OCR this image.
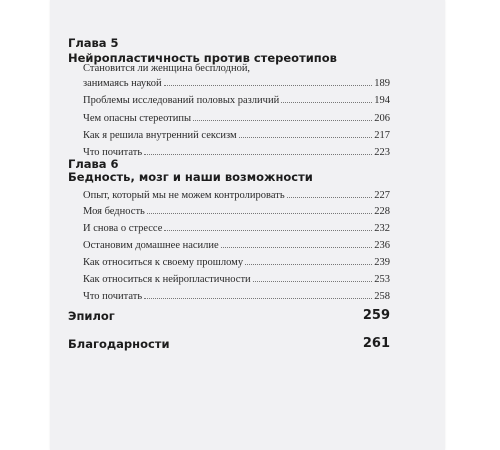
Глава 5
Нейропластичность против стереотипов
Становится ли женщина бесплодной,
занимаясь наукой	189
Проблемы исследований половых различий	194
Чем опасны стереотипы	206
Как я решила внутренний сексизм	217
Что почитать	223
Глава 6
Бедность, мозг и наши возможности
Опыт, который мы не можем контролировать	227
Моя бедность	228
И снова о стрессе	232
Остановим домашнее насилие	236
Как относиться к своему прошлому	239
Как относиться к нейропластичности	253
Что почитать	258
Эпилог	259
Благодарности	261
